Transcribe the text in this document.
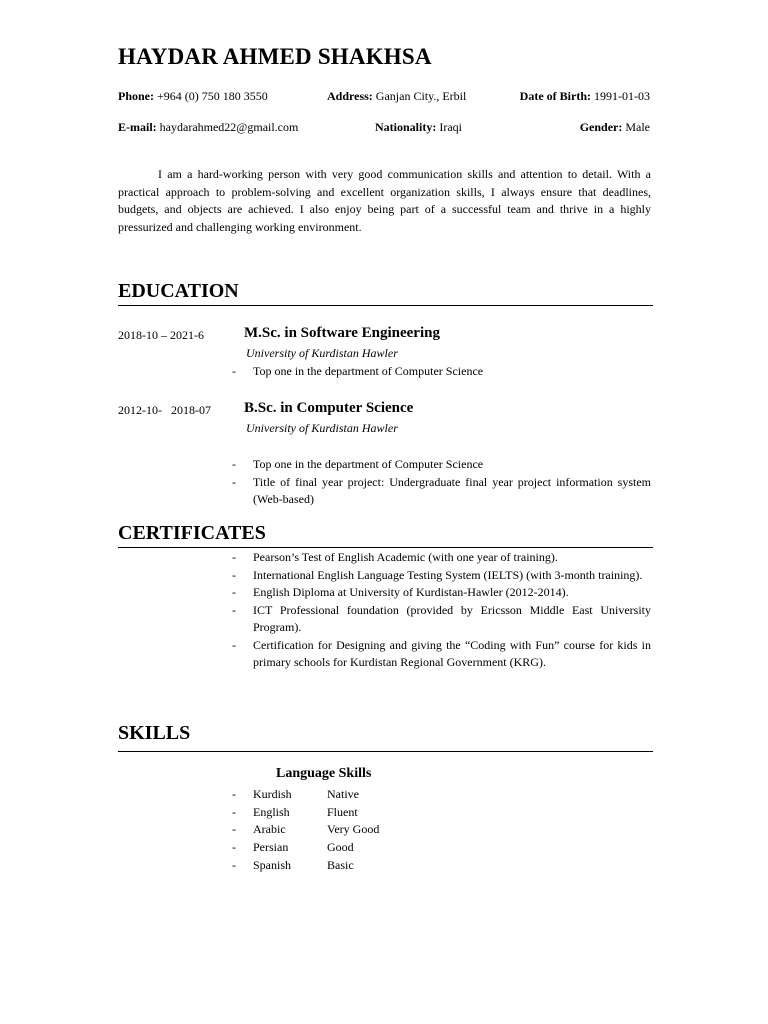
HAYDAR AHMED SHAKHSA
Phone: +964 (0) 750 180 3550	Address: Ganjan City., Erbil	Date of Birth: 1991-01-03
E-mail: haydarahmed22@gmail.com	Nationality: Iraqi	Gender: Male

I am a hard-working person with very good communication skills and attention to detail. With a practical approach to problem-solving and excellent organization skills, I always ensure that deadlines, budgets, and objects are achieved. I also enjoy being part of a successful team and thrive in a highly pressurized and challenging working environment.

EDUCATION
2018-10 – 2021-6	M.Sc. in Software Engineering
University of Kurdistan Hawler
- Top one in the department of Computer Science
2012-10-   2018-07 B.Sc. in Computer Science
University of Kurdistan Hawler
- Top one in the department of Computer Science
- Title of final year project: Undergraduate final year project information system (Web-based)
CERTIFICATES
- Pearson’s Test of English Academic (with one year of training).
- International English Language Testing System (IELTS) (with 3-month training).
- English Diploma at University of Kurdistan-Hawler (2012-2014).
- ICT Professional foundation (provided by Ericsson Middle East University Program).
- Certification for Designing and giving the “Coding with Fun” course for kids in primary schools for Kurdistan Regional Government (KRG).
SKILLS
Language Skills
- Kurdish	Native
- English	Fluent
- Arabic	Very Good
- Persian	Good
- Spanish	Basic
